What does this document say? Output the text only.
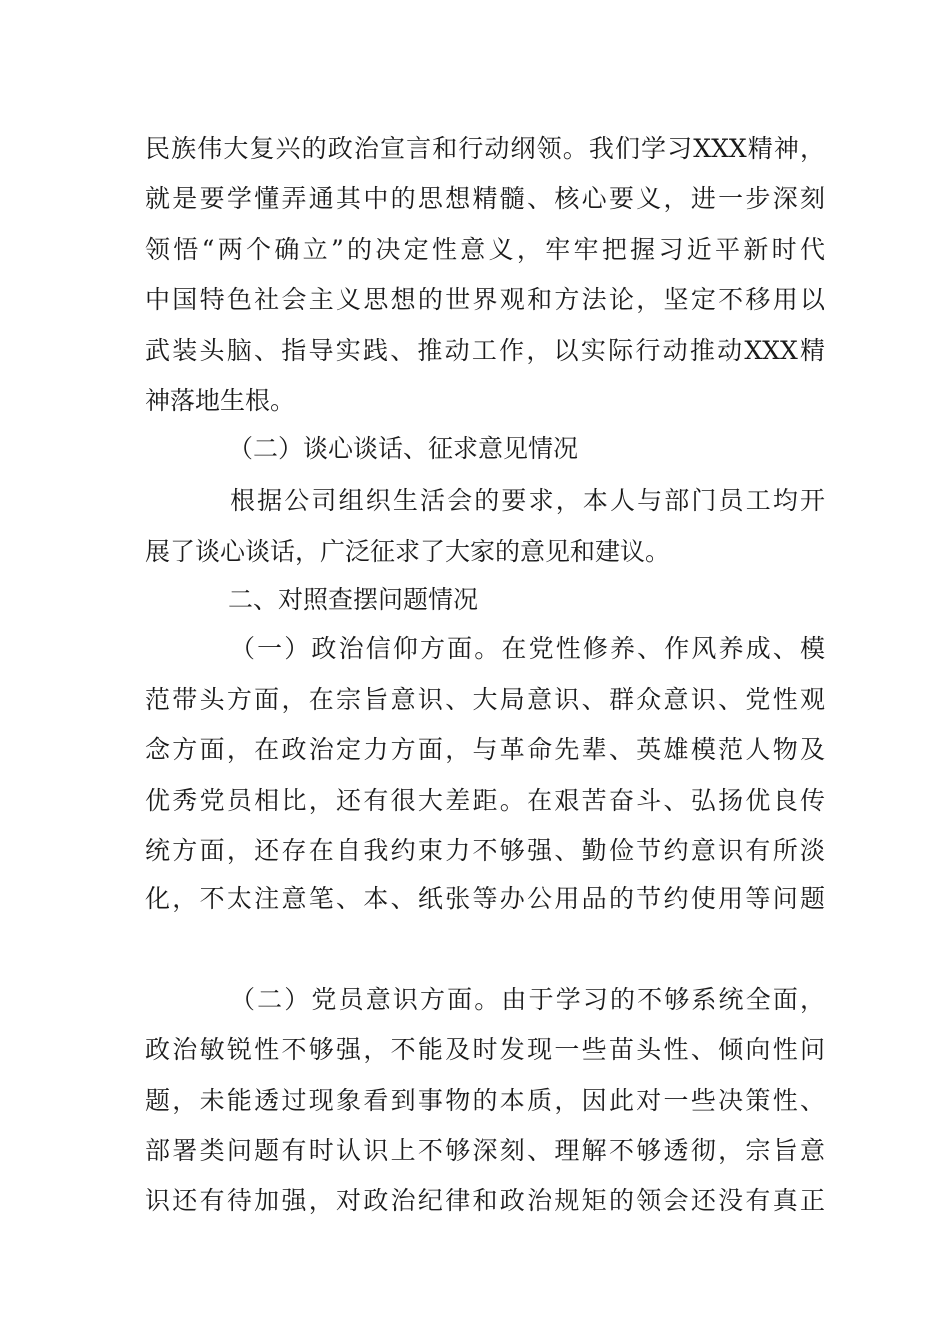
民族伟大复兴的政治宣言和行动纲领。我们学习XXX精神，
就是要学懂弄通其中的思想精髓、核心要义，进一步深刻
领悟“两个确立”的决定性意义，牢牢把握习近平新时代
中国特色社会主义思想的世界观和方法论，坚定不移用以
武装头脑、指导实践、推动工作，以实际行动推动XXX精
神落地生根。
（二）谈心谈话、征求意见情况
根据公司组织生活会的要求，本人与部门员工均开
展了谈心谈话，广泛征求了大家的意见和建议。
二、对照查摆问题情况
（一）政治信仰方面。在党性修养、作风养成、模
范带头方面，在宗旨意识、大局意识、群众意识、党性观
念方面，在政治定力方面，与革命先辈、英雄模范人物及
优秀党员相比，还有很大差距。在艰苦奋斗、弘扬优良传
统方面，还存在自我约束力不够强、勤俭节约意识有所淡
化，不太注意笔、本、纸张等办公用品的节约使用等问题
（二）党员意识方面。由于学习的不够系统全面，
政治敏锐性不够强，不能及时发现一些苗头性、倾向性问
题，未能透过现象看到事物的本质，因此对一些决策性、
部署类问题有时认识上不够深刻、理解不够透彻，宗旨意
识还有待加强，对政治纪律和政治规矩的领会还没有真正
